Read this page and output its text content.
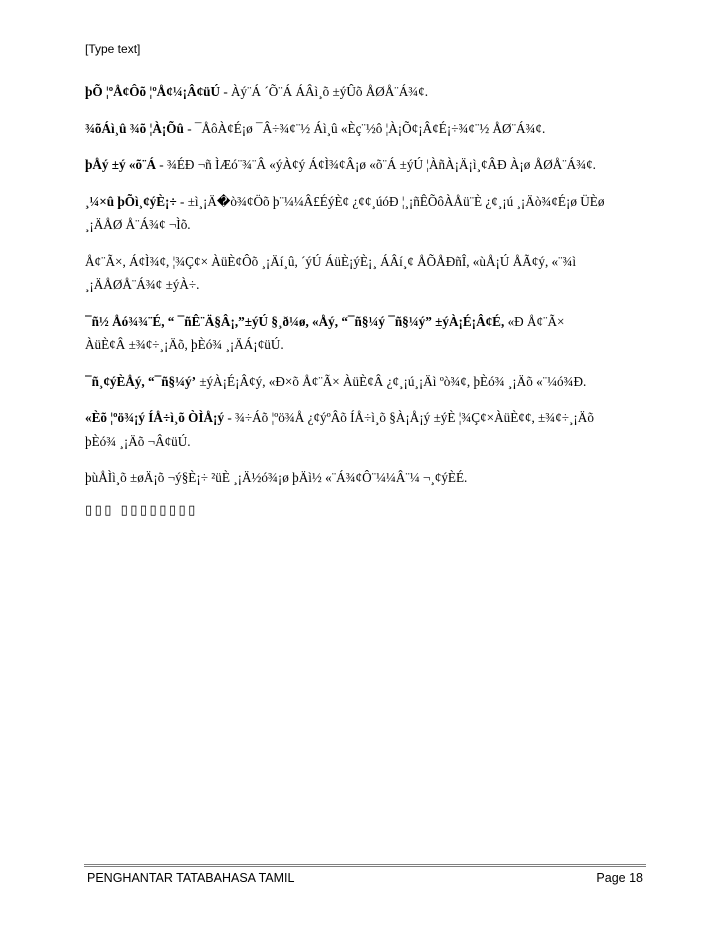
[Type text]
þÕ ¦ºÅ¢Ôõ ¦ºÅ¢¼¡Â¢üÚ - Àý¨Á ´Õ¨Á ÁÂì¸õ ±ýÛõ ÅØÅ¨Á¾¢.
¾õÁì¸û ¾õ ¦À¡Õû - ¯ÅôÀ¢É¡ø ¯Â÷¾¢¨½ Áì¸û «Èç¨½ô ¦À¡Õ¢¡Â¢É¡÷¾¢¨½ ÅØ¨Á¾¢.
þÅý ±ý «õ¨Á - ¾ÉÐ ¬ñ ÌÆó¨¾¨Â «ýÀ¢ý Á¢Ì¾¢Â¡ø «õ¨Á ±ýÚ ¦ÀñÀ¡Ä¡ì¸¢ÂÐ À¡ø ÅØÅ¨Á¾¢.
¸¼×û þÕì¸¢ýÈ¡÷ - ±ì¸¡Ä�ò¾¢Öõ þ¨¼¼Â£ÉýÈ¢ ¿¢¢¸úóÐ ¦¸¡ñÊÕôÀÅü¨È ¿¢¸¡ú ¸¡Äò¾¢É¡ø ÜÈø
¸¡ÄÅØ Å¨Á¾¢ ¬Ìõ.
Å¢¨Ã×, Á¢Ì¾¢, ¦¾Ç¢× ÀüÈ¢Ôõ ¸¡Äí¸û, ´ýÚ ÁüÈ¡ýÈ¡¸ ÁÂí¸¢ ÅÕÅÐñÎ, «ùÅ¡Ú ÅÃ¢ý, «¨¾ì
¸¡ÄÅØÅ¨Á¾¢ ±ýÀ÷.
¯ñ½ Åó¾¾¨É, “ ¯ñÊ¨Ä§Â¡,”±ýÚ §¸ð¼ø, «Åý, “¯ñ§¼ý ¯ñ§¼ý” ±ýÀ¡É¡Â¢É, «Ð Å¢¨Ã×
ÀüÈ¢Â ±¾¢÷¸¡Äõ, þÈó¾ ¸¡ÄÁ¡¢üÚ.
¯ñ¸¢ýÈÅý, “¯ñ§¼ý’ ±ýÀ¡É¡Â¢ý, «Ð×õ Å¢¨Ã× ÀüÈ¢Â ¿¢¸¡ú¸¡Äì ºò¾¢, þÈó¾ ¸¡Äõ «¨¼ó¾Ð.
«Èõ ¦ºö¾¡ý ÍÅ÷ì¸õ ÒÌÅ¡ý - ¾÷Áõ ¦ºö¾Å ¿¢ýºÂõ ÍÅ÷ì¸õ §À¡Å¡ý ±ýÈ ¦¾Ç¢×ÀüÈ¢¢, ±¾¢÷¸¡Äõ
þÈó¾ ¸¡Äõ ¬Â¢üÚ.
þùÅÌì¸õ ±øÄ¡õ ¬ý§È¡÷ ²üÈ ¸¡Ä½ó¾¡ø þÄì½ «¨Á¾¢Ô¨¼¼Â¨¼ ¬¸¢ýÈÉ.
▯▯▯ ▯▯▯▯▯▯▯▯
PENGHANTAR TATABAHASA TAMIL	Page 18
